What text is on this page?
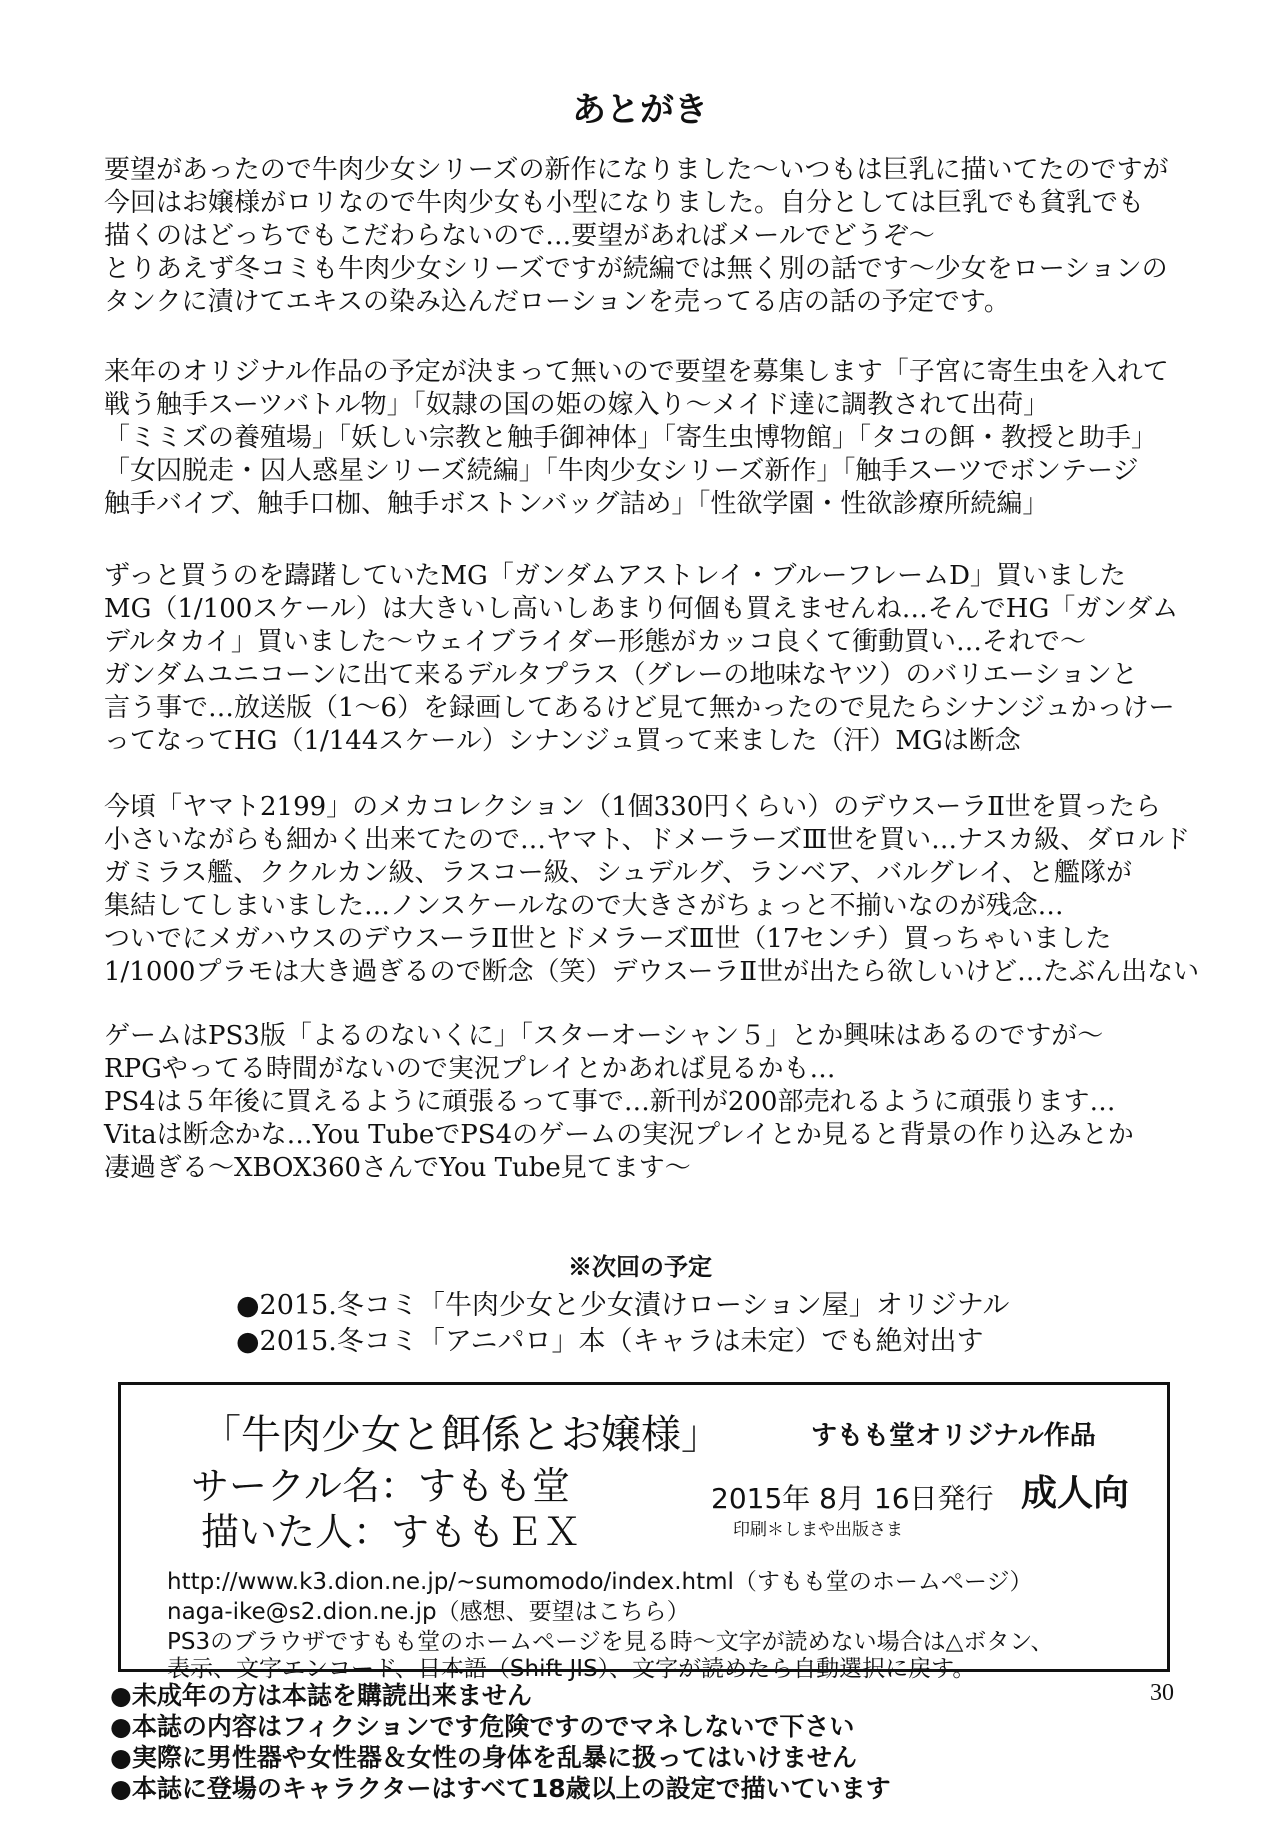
あとがき
要望があったので牛肉少女シリーズの新作になりました〜いつもは巨乳に描いてたのですが
今回はお嬢様がロリなので牛肉少女も小型になりました。自分としては巨乳でも貧乳でも
描くのはどっちでもこだわらないので…要望があればメールでどうぞ〜
とりあえず冬コミも牛肉少女シリーズですが続編では無く別の話です〜少女をローションの
タンクに漬けてエキスの染み込んだローションを売ってる店の話の予定です。
来年のオリジナル作品の予定が決まって無いので要望を募集します「子宮に寄生虫を入れて
戦う触手スーツバトル物」「奴隷の国の姫の嫁入り〜メイド達に調教されて出荷」
「ミミズの養殖場」「妖しい宗教と触手御神体」「寄生虫博物館」「タコの餌・教授と助手」
「女囚脱走・囚人惑星シリーズ続編」「牛肉少女シリーズ新作」「触手スーツでボンテージ
触手バイブ、触手口枷、触手ボストンバッグ詰め」「性欲学園・性欲診療所続編」
ずっと買うのを躊躇していたMG「ガンダムアストレイ・ブルーフレームD」買いました
MG（1/100スケール）は大きいし高いしあまり何個も買えませんね…そんでHG「ガンダム
デルタカイ」買いました〜ウェイブライダー形態がカッコ良くて衝動買い…それで〜
ガンダムユニコーンに出て来るデルタプラス（グレーの地味なヤツ）のバリエーションと
言う事で…放送版（1〜6）を録画してあるけど見て無かったので見たらシナンジュかっけー
ってなってHG（1/144スケール）シナンジュ買って来ました（汗）MGは断念
今頃「ヤマト2199」のメカコレクション（1個330円くらい）のデウスーラⅡ世を買ったら
小さいながらも細かく出来てたので…ヤマト、ドメーラーズⅢ世を買い…ナスカ級、ダロルド
ガミラス艦、ククルカン級、ラスコー級、シュデルグ、ランベア、バルグレイ、と艦隊が
集結してしまいました…ノンスケールなので大きさがちょっと不揃いなのが残念…
ついでにメガハウスのデウスーラⅡ世とドメラーズⅢ世（17センチ）買っちゃいました
1/1000プラモは大き過ぎるので断念（笑）デウスーラⅡ世が出たら欲しいけど…たぶん出ない
ゲームはPS3版「よるのないくに」「スターオーシャン５」とか興味はあるのですが〜
RPGやってる時間がないので実況プレイとかあれば見るかも…
PS4は５年後に買えるように頑張るって事で…新刊が200部売れるように頑張ります…
Vitaは断念かな…You TubeでPS4のゲームの実況プレイとか見ると背景の作り込みとか
凄過ぎる〜XBOX360さんでYou Tube見てます〜
※次回の予定
●2015.冬コミ「牛肉少女と少女漬けローション屋」オリジナル
●2015.冬コミ「アニパロ」本（キャラは未定）でも絶対出す
「牛肉少女と餌係とお嬢様」	すもも堂オリジナル作品
サークル名：すもも堂
描いた人：すももＥＸ
2015年 8月 16日発行 成人向
印刷＊しまや出版さま
http://www.k3.dion.ne.jp/~sumomodo/index.html（すもも堂のホームページ）
naga-ike@s2.dion.ne.jp（感想、要望はこちら）
PS3のブラウザですもも堂のホームページを見る時〜文字が読めない場合は△ボタン、
表示、文字エンコード、日本語（Shift JIS）、文字が読めたら自動選択に戻す。
30
●未成年の方は本誌を購読出来ません
●本誌の内容はフィクションです危険ですのでマネしないで下さい
●実際に男性器や女性器＆女性の身体を乱暴に扱ってはいけません
●本誌に登場のキャラクターはすべて18歳以上の設定で描いています
